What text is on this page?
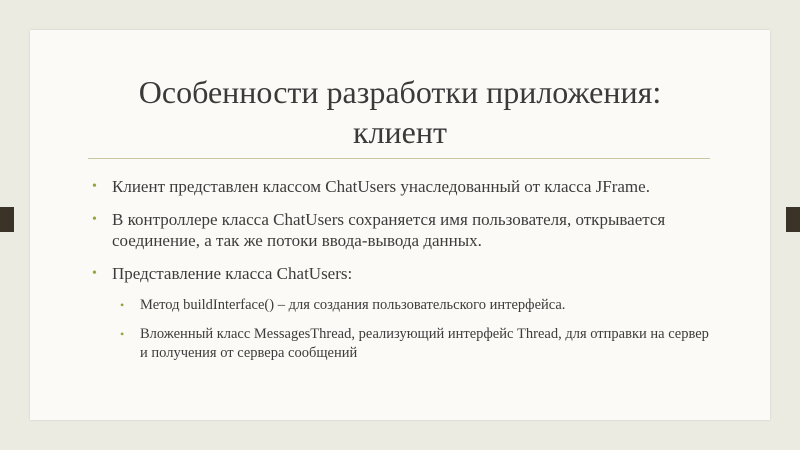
Особенности разработки приложения:
клиент
• Клиент представлен классом ChatUsers унаследованный от класса JFrame.
• В контроллере класса ChatUsers сохраняется имя пользователя, открывается соединение, а так же потоки ввода-вывода данных.
• Представление класса ChatUsers:
• Метод buildInterface() – для создания пользовательского интерфейса.
• Вложенный класс MessagesThread, реализующий интерфейс Thread, для отправки на сервер и получения от сервера сообщений
